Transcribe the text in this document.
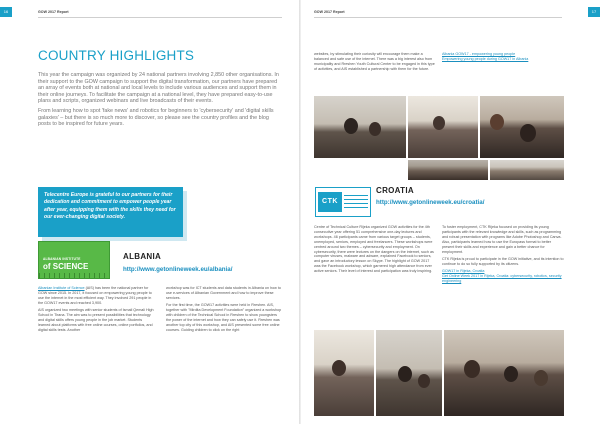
16	GOW 2017 Report
COUNTRY HIGHLIGHTS

This year the campaign was organized by 24 national partners involving 2,850 other organisations. In their support to the GOW campaign to support the digital transformation, our partners have prepared an array of events both at national and local levels to include various audiences and support them in their online journeys. To facilitate the campaign at a national level, they have prepared easy-to-use plans and scripts, organized webinars and live broadcasts of their events.

From learning how to spot 'fake news' and robotics for beginners to 'cybersecurity' and 'digital skills galaxies' – but there is so much more to discover, so please see the country profiles and the blog posts to be inspired for future years.

Telecentre Europe is grateful to our partners for their dedication and commitment to empower people year after year, equipping them with the skills they need for our ever-changing digital society.
ALBANIAN INSTITUTE
of SCIENCE
ALBANIA
http://www.getonlineweek.eu/albania/

Albanian Institute of Science (AIS) has been the national partner for GOW since 2015. In 2017, it focused on empowering young people to use the internet in the most efficient way. They involved 291 people in the GOW17 events and reached 3,900.

AIS organized two meetings with senior students of Ismail Qemali High School in Tirana. The aim was to present possibilities that technology and digital skills offers young people in the job market. Students learned about platforms with free online courses, online portfolios, and digital skills tests. Another

workshop was for ICT students and data students in Albania on how to use e-services of Albanian Government and how to improve these services.

For the first time, the GOW17 activities were held in Rreshen. AIS, together with "Mirdita Development Foundation" organized a workshop with children of the Technical School in Rreshen to show youngsters the power of the internet and how they can safely use it. Rreshen was another top city of this workshop, and AIS presented some free online courses. Guiding children to click on the right

GOW 2017 Report	17

websites, by stimulating their curiosity will encourage them make a balanced and safe use of the internet. There was a big interest also from municipality and Rreshen Youth Cultural Center to be engaged in this type of activities, and AIS established a partnership with them for the future.

Albania GOW17 - empowering young people

Empowering young people during GOW17 in Albania

CTK
CROATIA
http://www.getonlineweek.eu/croatia/

Centre of Technical Culture Rijeka organized GOW activities for the 4th consecutive year offering 51 comprehensive one-day lectures and workshops. 46 participants came from various target groups – students, unemployed, seniors, employed and freelancers. These workshops were centred around two themes – cybersecurity and employment. On cybersecurity, there were lectures on the dangers on the internet, such as computer viruses, malware and adware, explained Facebook to seniors, and gave an introductory lesson on Skype. The highlight of GOW 2017 was the Facebook workshop, which garnered high attendance from ever active seniors. Their level of interest and participation was truly inspiring.

To foster employment, CTK Rijeka focused on providing its young participants with the relevant knowledge and skills, such as programming and robust presentation with programs like Adobe Photoshop and Canva. Also, participants learned how to use the Europass format to better present their skills and experience and gain a better chance for employment.

CTK Rijeka is proud to participate in the GOW initiative, and its intention to continue to do so fully supported by its citizens.

GOW17 in Rijeka, Croatia

Get Online Week 2017 in Rijeka, Croatia: cybersecurity, robotics, security engineering
